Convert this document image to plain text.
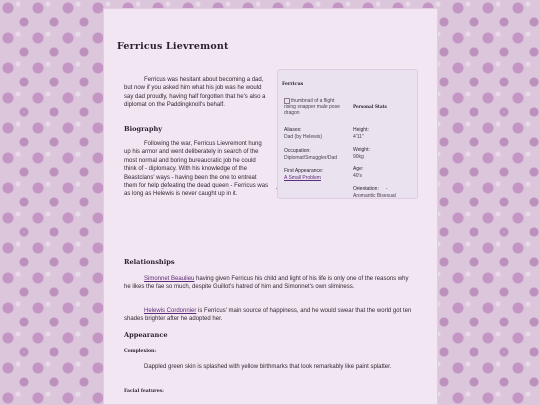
Ferricus Lievremont
Ferricus
thumbnail of a flight rising snapper male pose dragon
Personal Stats
Aliases:
Dad (by Helewis)
Occupation:
Diplomat/Smuggler/Dad
First Appearance:
A Small Problem
Height:
4'11"
Weight:
90kg
Age:
40's
Orientation:
Aromantic Bisexual

Ferricus was hesitant about becoming a dad, but now if you asked him what his job was he would say dad proudly, having half forgotten that he's also a diplomat on the Paddingknoll's behalf.

Biography

Following the war, Ferricus Lievremont hung up his armor and went deliberately in search of the most normal and boring bureaucratic job he could think of - diplomacy. With his knowledge of the Beastclans' ways - having been the one to entreat them for help defeating the dead queen - Ferricus was

as long as Helewis is never caught up in it.

Relationships

Simonnet Beaulieu having given Ferricus his child and light of his life is only one of the reasons why he likes the fae so much, despite Guillot's hatred of him and Simonnet's own sliminess.

Helewis Cordonnier is Ferricus' main source of happiness, and he would swear that the world got ten shades brighter after he adopted her.

Appearance
Complexion:

Dappled green skin is splashed with yellow birthmarks that look remarkably like paint splatter.

Facial features:
